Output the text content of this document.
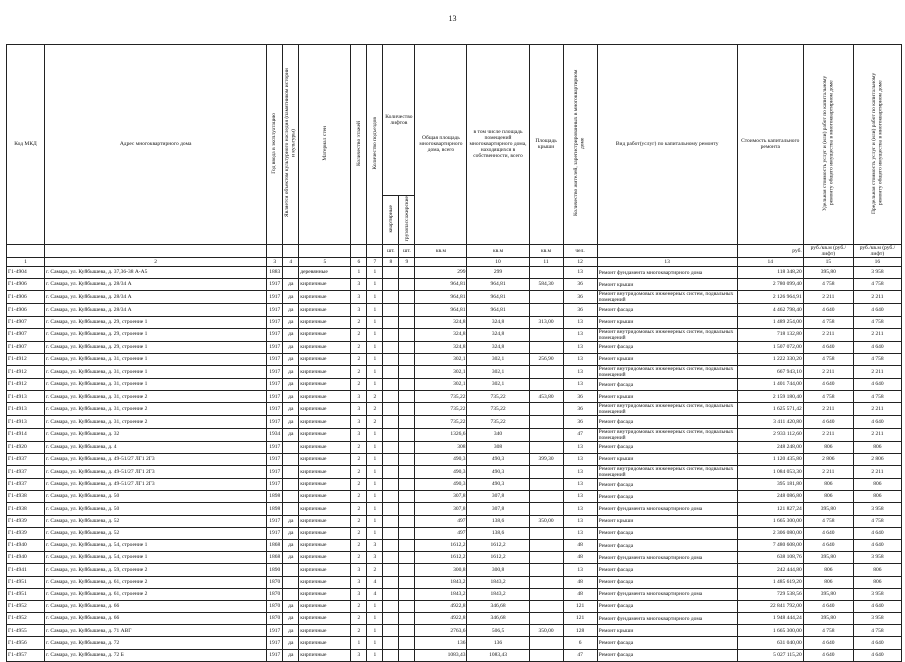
13
Код МКД	Адрес многоквартирного дома	Год ввода в эксплуатацию	Является объектом культурного наследия (памятником истории и культуры)	Материал стен	Количество этажей	Количество подъездов	Количество лифтов		Общая площадь многоквартирного дома, всего	в том числе площадь помещений многоквартирного дома, находящихся в собственности, всего	Площадь крыши	Количество жителей, зарегистрированных в многоквартирном доме	Вид работ(услуг) по капитальному ремонту	Стоимость капитального ремонта	Удельная стоимость услуг и (или) работ по капитальному ремонту общего имущества в многоквартирном доме	Предельная стоимость услуг и (или) работ по капитальному ремонту общего имущества в многоквартирном доме
							квартирные	грузопассажирские								
							шт.	шт.	кв.м	кв.м	кв.м	чел.		руб.	руб./кв.м (руб./лифт)	руб./кв.м (руб./лифт)
1	2	3	4	5	6	7	8	9		10	11	12	13	14	15	16
Г1-4904	г. Самара, ул. Куйбышева, д. 37,36-38 А-А5	1883		деревянные	1	1			299	299		13	Ремонт фундамента многоквартирного дома	118 348,20	395,80	3 958
Г1-4906	г. Самара, ул. Куйбышева, д. 28/34 А	1917	да	кирпичные	3	1			964,81	964,81	584,30	36	Ремонт крыши	2 780 099,40	4 758	4 758
Г1-4906	г. Самара, ул. Куйбышева, д. 28/34 А	1917	да	кирпичные	3	1			964,81	964,81		36	Ремонт внутридомовых инженерных систем, подвальных помещений	2 126 964,91	2 211	2 211
Г1-4906	г. Самара, ул. Куйбышева, д. 28/34 А	1917	да	кирпичные	3	1			964,81	964,81		36	Ремонт фасада	4 462 798,40	4 640	4 640
Г1-4907	г. Самара, ул. Куйбышева, д. 29, строение 1	1917	да	кирпичные	2	1			324,8	324,8	313,00	13	Ремонт крыши	1 489 254,00	4 758	4 758
Г1-4907	г. Самара, ул. Куйбышева, д. 29, строение 1	1917	да	кирпичные	2	1			324,8	324,8		13	Ремонт внутридомовых инженерных систем, подвальных помещений	718 132,80	2 211	2 211
Г1-4907	г. Самара, ул. Куйбышева, д. 29, строение 1	1917	да	кирпичные	2	1			324,8	324,8		13	Ремонт фасада	1 507 072,00	4 640	4 640
Г1-4912	г. Самара, ул. Куйбышева, д. 31, строение 1	1917	да	кирпичные	2	1			302,1	302,1	256,90	13	Ремонт крыши	1 222 330,20	4 758	4 758
Г1-4912	г. Самара, ул. Куйбышева, д. 31, строение 1	1917	да	кирпичные	2	1			302,1	302,1		13	Ремонт внутридомовых инженерных систем, подвальных помещений	667 943,10	2 211	2 211
Г1-4912	г. Самара, ул. Куйбышева, д. 31, строение 1	1917	да	кирпичные	2	1			302,1	302,1		13	Ремонт фасада	1 401 744,00	4 640	4 640
Г1-4913	г. Самара, ул. Куйбышева, д. 31, строение 2	1917	да	кирпичные	3	2			735,22	735,22	453,80	36	Ремонт крыши	2 159 180,40	4 758	4 758
Г1-4913	г. Самара, ул. Куйбышева, д. 31, строение 2	1917	да	кирпичные	3	2			735,22	735,22		36	Ремонт внутридомовых инженерных систем, подвальных помещений	1 625 571,42	2 211	2 211
Г1-4913	г. Самара, ул. Куйбышева, д. 31, строение 2	1917	да	кирпичные	3	2			735,22	735,22		36	Ремонт фасада	3 411 420,80	4 640	4 640
Г1-4914	г. Самара, ул. Куйбышева, д. 32	1934	да	кирпичные	3	1			1326,6	340		47	Ремонт внутридомовых инженерных систем, подвальных помещений	2 933 112,60	2 211	2 211
Г1-4920	г. Самара, ул. Куйбышева, д. 4	1917		кирпичные	2	1			308	308		13	Ремонт фасада	248 248,00	806	806
Г1-4937	г. Самара, ул. Куйбышева, д. 49-51/27 ЛГ1 2Г3	1917		кирпичные	2	1			490,3	490,3	399,30	13	Ремонт крыши	1 120 435,80	2 806	2 806
Г1-4937	г. Самара, ул. Куйбышева, д. 49-51/27 ЛГ1 2Г3	1917		кирпичные	2	1			490,3	490,3		13	Ремонт внутридомовых инженерных систем, подвальных помещений	1 084 053,30	2 211	2 211
Г1-4937	г. Самара, ул. Куйбышева, д. 49-51/27 ЛГ1 2Г3	1917		кирпичные	2	1			490,3	490,3		13	Ремонт фасада	395 181,80	806	806
Г1-4938	г. Самара, ул. Куйбышева, д. 50	1898		кирпичные	2	1			307,8	307,8		13	Ремонт фасада	248 086,80	806	806
Г1-4938	г. Самара, ул. Куйбышева, д. 50	1898		кирпичные	2	1			307,8	307,8		13	Ремонт фундамента многоквартирного дома	121 827,24	395,80	3 958
Г1-4939	г. Самара, ул. Куйбышева, д. 52	1917	да	кирпичные	2	1			497	138,6	350,00	13	Ремонт крыши	1 665 300,00	4 758	4 758
Г1-4939	г. Самара, ул. Куйбышева, д. 52	1917	да	кирпичные	2	1			497	138,6		13	Ремонт фасада	2 306 080,00	4 640	4 640
Г1-4940	г. Самара, ул. Куйбышева, д. 54, строение 1	1868	да	кирпичные	2	3			1612,2	1612,2		48	Ремонт фасада	7 480 608,00	4 640	4 640
Г1-4940	г. Самара, ул. Куйбышева, д. 54, строение 1	1868	да	кирпичные	2	3			1612,2	1612,2		48	Ремонт фундамента многоквартирного дома	638 108,76	395,80	3 958
Г1-4941	г. Самара, ул. Куйбышева, д. 59, строение 2	1890		кирпичные	3	2			300,8	300,8		13	Ремонт фасада	242 444,80	806	806
Г1-4951	г. Самара, ул. Куйбышева, д. 61, строение 2	1870		кирпичные	3	4			1843,2	1843,2		48	Ремонт фасада	1 485 619,20	806	806
Г1-4951	г. Самара, ул. Куйбышева, д. 61, строение 2	1870		кирпичные	3	4			1843,2	1843,2		48	Ремонт фундамента многоквартирного дома	729 538,56	395,80	3 958
Г1-4952	г. Самара, ул. Куйбышева, д. 66	1870	да	кирпичные	2	1			4922,8	346,68		121	Ремонт фасада	22 841 792,00	4 640	4 640
Г1-4952	г. Самара, ул. Куйбышева, д. 66	1870	да	кирпичные	2	1			4922,8	346,68		121	Ремонт фундамента многоквартирного дома	1 948 444,24	395,80	3 958
Г1-4955	г. Самара, ул. Куйбышева, д. 71 АВГ	1917	да	кирпичные	2	1			2763,6	506,5	350,00	128	Ремонт крыши	1 665 300,00	4 758	4 758
Г1-4956	г. Самара, ул. Куйбышева, д. 72	1917	да	кирпичные	1	1			136	136		6	Ремонт фасада	631 040,00	4 640	4 640
Г1-4957	г. Самара, ул. Куйбышева, д. 72 Б	1917	да	кирпичные	3	1			1083,43	1083,43		47	Ремонт фасада	5 027 115,20	4 640	4 640
